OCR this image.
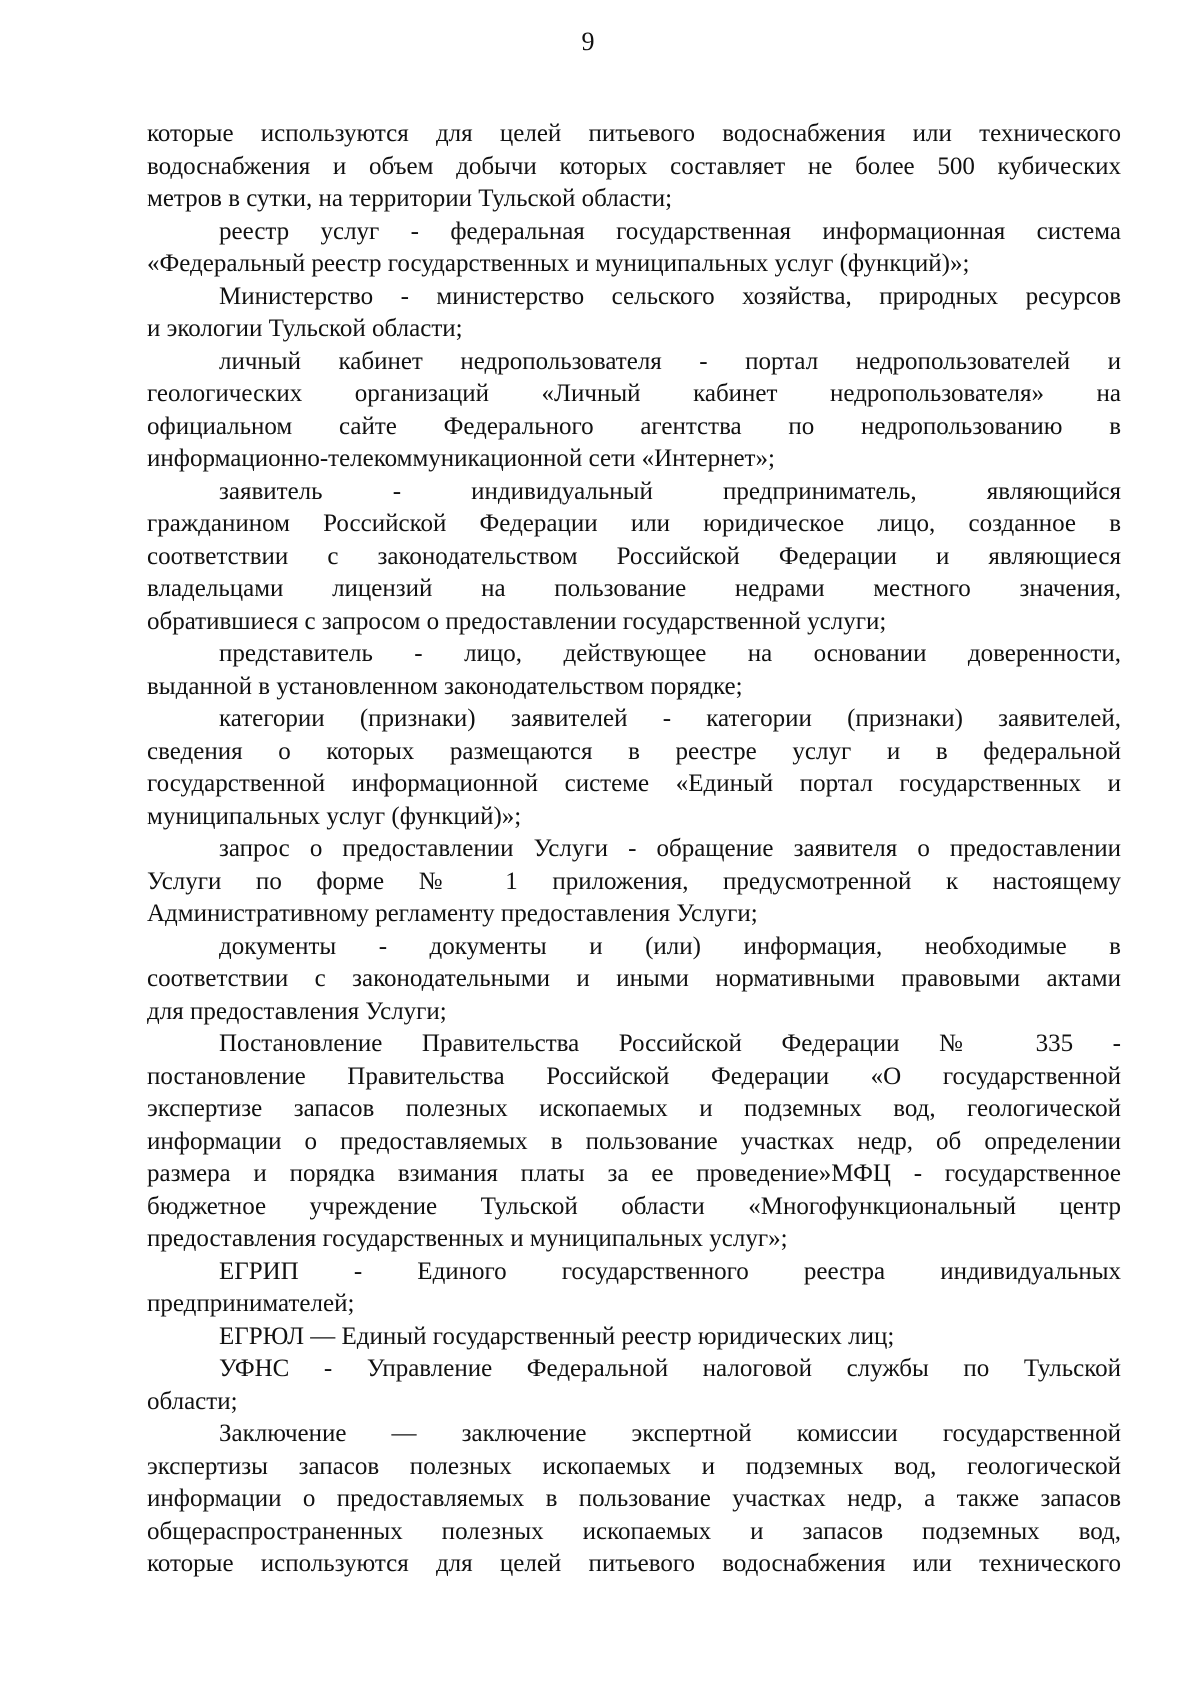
9

которые используются для целей питьевого водоснабжения или технического

водоснабжения и объем добычи которых составляет не более 500 кубических

метров в сутки, на территории Тульской области;

реестр услуг - федеральная государственная информационная система

«Федеральный реестр государственных и муниципальных услуг (функций)»;

Министерство - министерство сельского хозяйства, природных ресурсов

и экологии Тульской области;

личный кабинет недропользователя - портал недропользователей и

геологических организаций «Личный кабинет недропользователя» на

официальном сайте Федерального агентства по недропользованию в

информационно-телекоммуникационной сети «Интернет»;

заявитель - индивидуальный предприниматель, являющийся

гражданином Российской Федерации или юридическое лицо, созданное в

соответствии с законодательством Российской Федерации и являющиеся

владельцами лицензий на пользование недрами местного значения,

обратившиеся с запросом о предоставлении государственной услуги;

представитель - лицо, действующее на основании доверенности,

выданной в установленном законодательством порядке;

категории (признаки) заявителей - категории (признаки) заявителей,

сведения о которых размещаются в реестре услуг и в федеральной

государственной информационной системе «Единый портал государственных и

муниципальных услуг (функций)»;

запрос о предоставлении Услуги - обращение заявителя о предоставлении

Услуги по форме № 1 приложения, предусмотренной к настоящему

Административному регламенту предоставления Услуги;

документы - документы и (или) информация, необходимые в

соответствии с законодательными и иными нормативными правовыми актами

для предоставления Услуги;

Постановление Правительства Российской Федерации № 335 -

постановление Правительства Российской Федерации «О государственной

экспертизе запасов полезных ископаемых и подземных вод, геологической

информации о предоставляемых в пользование участках недр, об определении

размера и порядка взимания платы за ее проведение»МФЦ - государственное

бюджетное учреждение Тульской области «Многофункциональный центр

предоставления государственных и муниципальных услуг»;

ЕГРИП - Единого государственного реестра индивидуальных

предпринимателей;

ЕГРЮЛ — Единый государственный реестр юридических лиц;

УФНС - Управление Федеральной налоговой службы по Тульской

области;

Заключение — заключение экспертной комиссии государственной

экспертизы запасов полезных ископаемых и подземных вод, геологической

информации о предоставляемых в пользование участках недр, а также запасов

общераспространенных полезных ископаемых и запасов подземных вод,

которые используются для целей питьевого водоснабжения или технического
